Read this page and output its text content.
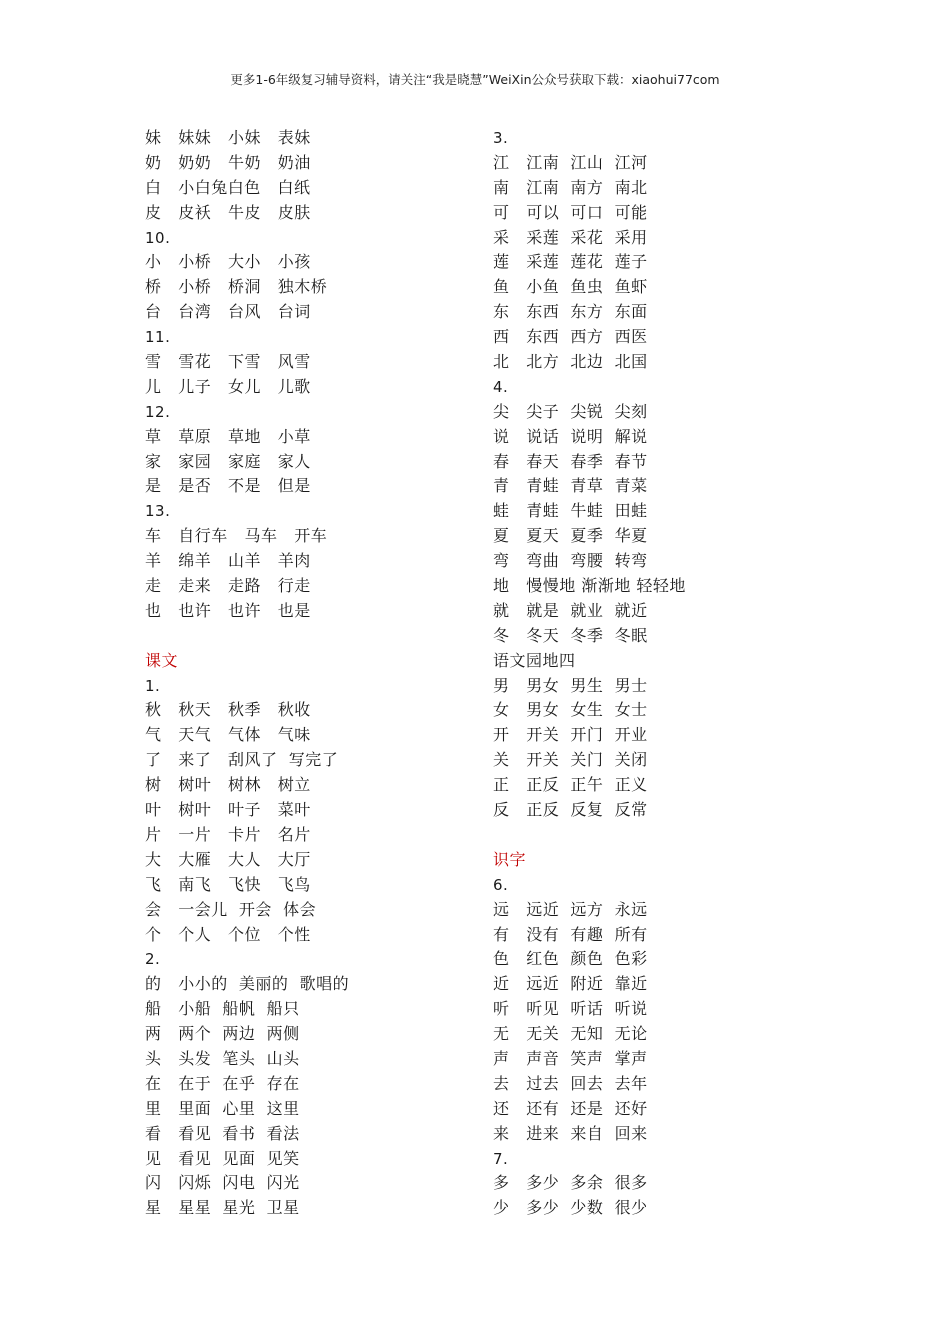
更多1-6年级复习辅导资料，请关注“我是晓慧”WeiXin公众号获取下载：xiaohui77com
妹   妹妹   小妹   表妹
奶   奶奶   牛奶   奶油
白   小白兔白色   白纸
皮   皮袄   牛皮   皮肤
10.
小   小桥   大小   小孩
桥   小桥   桥洞   独木桥
台   台湾   台风   台词
11.
雪   雪花   下雪   风雪
儿   儿子   女儿   儿歌
12.
草   草原   草地   小草
家   家园   家庭   家人
是   是否   不是   但是
13.
车   自行车   马车   开车
羊   绵羊   山羊   羊肉
走   走来   走路   行走
也   也许   也许   也是
课文
1.
秋   秋天   秋季   秋收
气   天气   气体   气味
了   来了   刮风了  写完了
树   树叶   树林   树立
叶   树叶   叶子   菜叶
片   一片   卡片   名片
大   大雁   大人   大厅
飞   南飞   飞快   飞鸟
会   一会儿  开会  体会
个   个人   个位   个性
2.
的   小小的  美丽的  歌唱的
船   小船  船帆  船只
两   两个  两边  两侧
头   头发  笔头  山头
在   在于  在乎  存在
里   里面  心里  这里
看   看见  看书  看法
见   看见  见面  见笑
闪   闪烁  闪电  闪光
星   星星  星光  卫星
3.
江   江南  江山  江河
南   江南  南方  南北
可   可以  可口  可能
采   采莲  采花  采用
莲   采莲  莲花  莲子
鱼   小鱼  鱼虫  鱼虾
东   东西  东方  东面
西   东西  西方  西医
北   北方  北边  北国
4.
尖   尖子  尖锐  尖刻
说   说话  说明  解说
春   春天  春季  春节
青   青蛙  青草  青菜
蛙   青蛙  牛蛙  田蛙
夏   夏天  夏季  华夏
弯   弯曲  弯腰  转弯
地   慢慢地 渐渐地 轻轻地
就   就是  就业  就近
冬   冬天  冬季  冬眠
语文园地四
男   男女  男生  男士
女   男女  女生  女士
开   开关  开门  开业
关   开关  关门  关闭
正   正反  正午  正义
反   正反  反复  反常
识字
6.
远   远近  远方  永远
有   没有  有趣  所有
色   红色  颜色  色彩
近   远近  附近  靠近
听   听见  听话  听说
无   无关  无知  无论
声   声音  笑声  掌声
去   过去  回去  去年
还   还有  还是  还好
来   进来  来自  回来
7.
多   多少  多余  很多
少   多少  少数  很少
